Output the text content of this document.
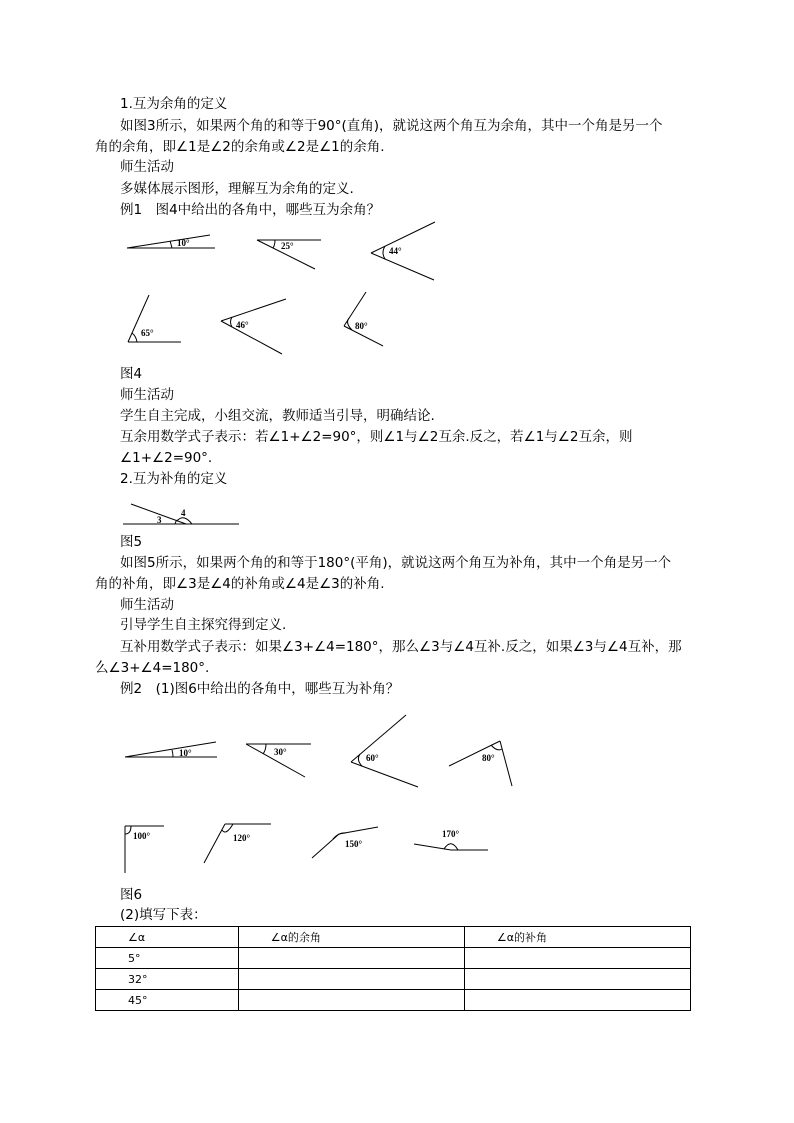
1.互为余角的定义
如图3所示，如果两个角的和等于90°(直角)，就说这两个角互为余角，其中一个角是另一个
角的余角，即∠1是∠2的余角或∠2是∠1的余角.
师生活动
多媒体展示图形，理解互为余角的定义.
例1　图4中给出的各角中，哪些互为余角？
图4
师生活动
学生自主完成，小组交流，教师适当引导，明确结论.
互余用数学式子表示：若∠1+∠2=90°，则∠1与∠2互余.反之，若∠1与∠2互余，则
∠1+∠2=90°.
2.互为补角的定义
图5
如图5所示，如果两个角的和等于180°(平角)，就说这两个角互为补角，其中一个角是另一个
角的补角，即∠3是∠4的补角或∠4是∠3的补角.
师生活动
引导学生自主探究得到定义.
互补用数学式子表示：如果∠3+∠4=180°，那么∠3与∠4互补.反之，如果∠3与∠4互补，那
么∠3+∠4=180°.
例2　(1)图6中给出的各角中，哪些互为补角？
图6
(2)填写下表：
10°	25°	44°
65°
46°	80°
3
4
10°	30°
60°	80°
100°	120°
150°
170°
∠α	∠α的余角	∠α的补角
5°		
32°		
45°		
